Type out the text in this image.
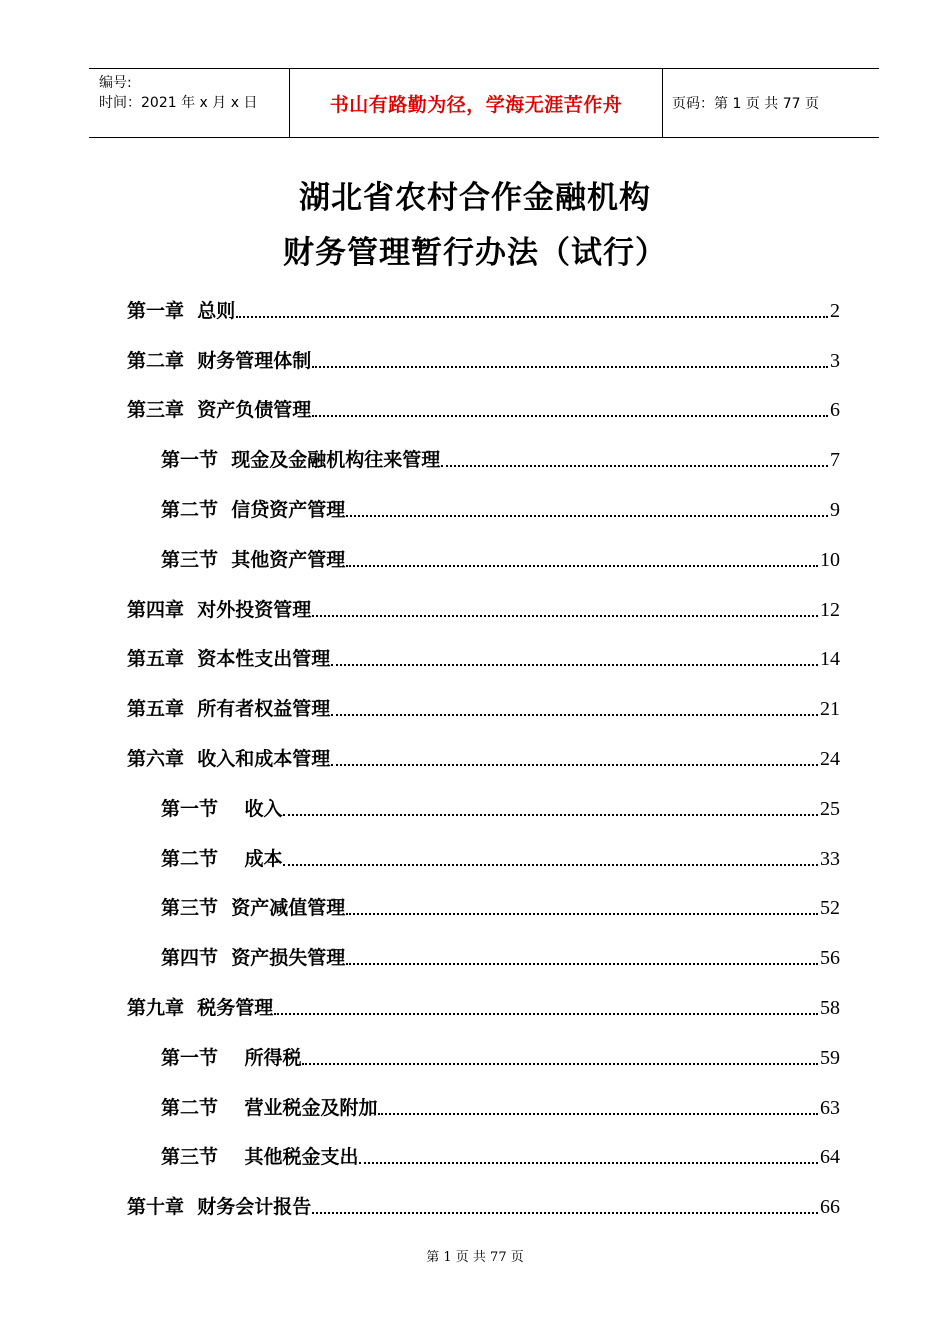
编号:
时间：2021 年 x 月 x 日	书山有路勤为径，学海无涯苦作舟	页码：第 1 页 共 77 页
湖北省农村合作金融机构
财务管理暂行办法（试行）
第一章  总则	2
第二章  财务管理体制	3
第三章  资产负债管理	6
第一节  现金及金融机构往来管理	7
第二节  信贷资产管理	9
第三节  其他资产管理	10
第四章  对外投资管理	12
第五章  资本性支出管理	14
第五章  所有者权益管理	21
第六章  收入和成本管理	24
第一节    收入	25
第二节    成本	33
第三节  资产减值管理	52
第四节  资产损失管理	56
第九章  税务管理	58
第一节    所得税	59
第二节    营业税金及附加	63
第三节    其他税金支出	64
第十章  财务会计报告	66
第 1 页 共 77 页
